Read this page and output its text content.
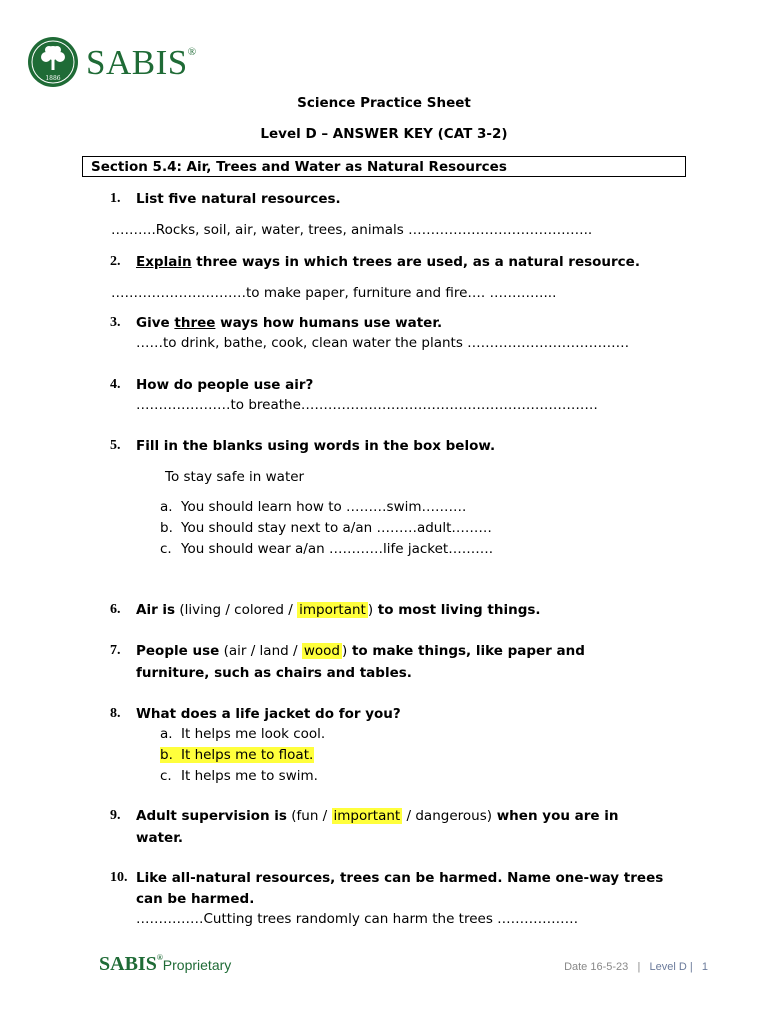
1886 SABIS®
Science Practice Sheet
Level D – ANSWER KEY (CAT 3-2)
Section 5.4: Air, Trees and Water as Natural Resources
1. List five natural resources.
……….Rocks, soil, air, water, trees, animals …………………………………..
2. Explain three ways in which trees are used, as a natural resource.
…………………………to make paper, furniture and fire…. …………...
3. Give three ways how humans use water.
……to drink, bathe, cook, clean water the plants ………………………………
4. How do people use air?
…………………to breathe…………………………………………………………
5. Fill in the blanks using words in the box below.
To stay safe in water
a. You should learn how to ………swim……….
b. You should stay next to a/an ………adult………
c. You should wear a/an …………life jacket……….
6. Air is (living / colored / important ) to most living things.
7. People use (air / land / wood ) to make things, like paper and
furniture, such as chairs and tables.
8. What does a life jacket do for you?
a. It helps me look cool.
b. It helps me to float.
c. It helps me to swim.
9. Adult supervision is (fun / important / dangerous) when you are in
water.
10. Like all-natural resources, trees can be harmed. Name one-way trees
can be harmed.
……………Cutting trees randomly can harm the trees ………………
SABIS®Proprietary	Date 16-5-23 | Level D | 1
